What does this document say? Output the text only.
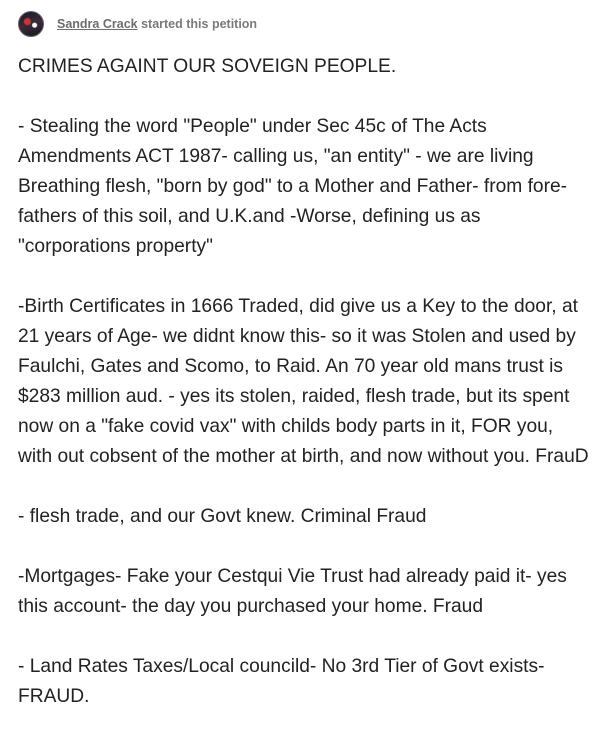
Sandra Crack started this petition

CRIMES AGAINT OUR SOVEIGN PEOPLE.

- Stealing the word "People" under Sec 45c of The Acts Amendments ACT 1987- calling us, "an entity" - we are living Breathing flesh, "born by god" to a Mother and Father- from fore-fathers of this soil, and U.K.and -Worse, defining us as "corporations property"

-Birth Certificates in 1666 Traded, did give us a Key to the door, at 21 years of Age- we didnt know this- so it was Stolen and used by Faulchi, Gates and Scomo, to Raid. An 70 year old mans trust is $283 million aud. - yes its stolen, raided, flesh trade, but its spent now on a "fake covid vax" with childs body parts in it, FOR you, with out cobsent of the mother at birth, and now without you. FrauD

- flesh trade, and our Govt knew. Criminal Fraud

-Mortgages- Fake your Cestqui Vie Trust had already paid it- yes this account- the day you purchased your home. Fraud

- Land Rates Taxes/Local councild- No 3rd Tier of Govt exists- FRAUD.
